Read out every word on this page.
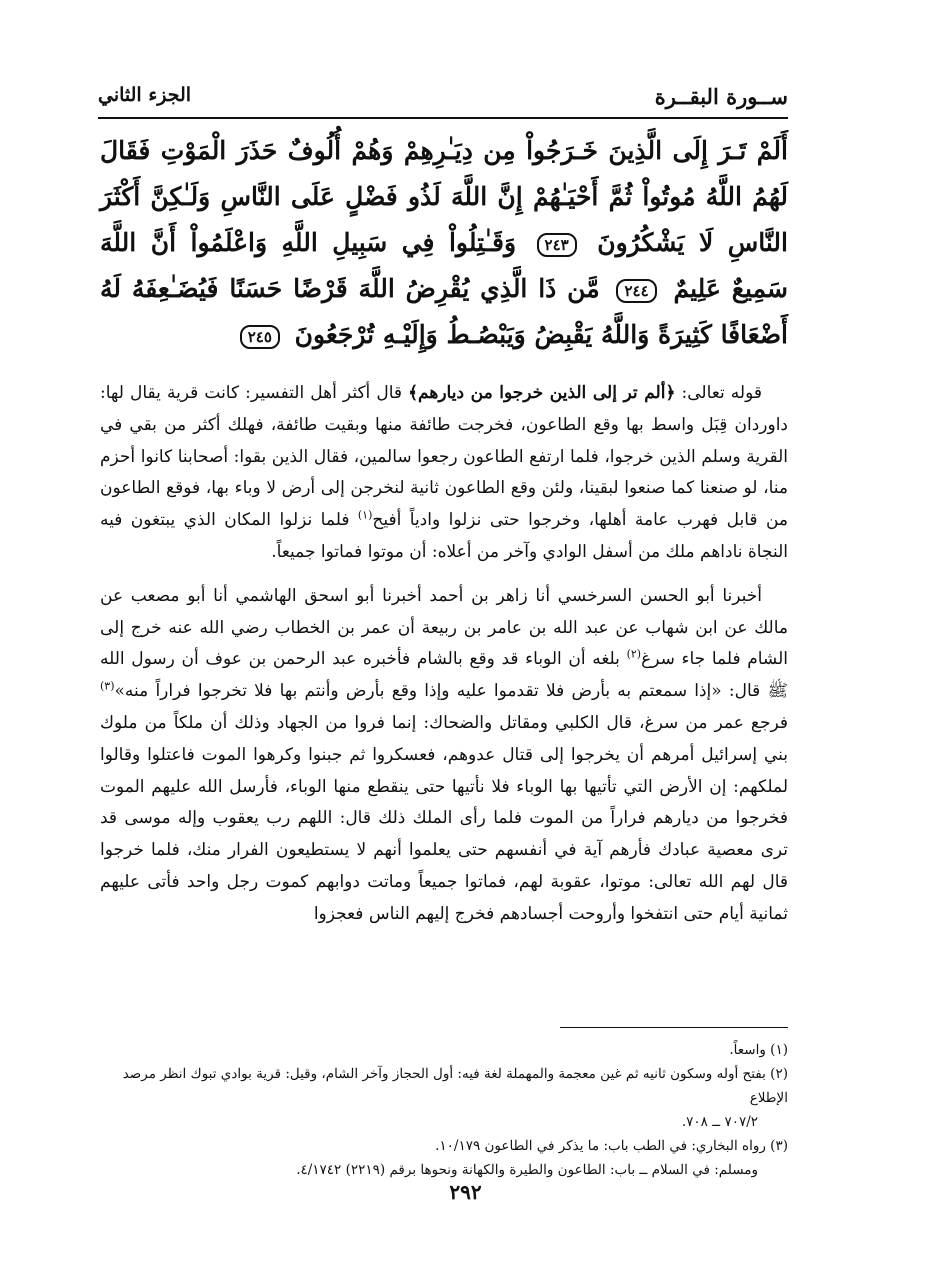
ســورة البقــرة
الجزء الثاني
أَلَمْ تَـرَ إِلَى الَّذِينَ خَـرَجُواْ مِن دِيَـٰرِهِمْ وَهُمْ أُلُوفٌ حَذَرَ الْمَوْتِ فَقَالَ لَهُمُ اللَّهُ مُوتُواْ ثُمَّ أَحْيَـٰهُمْ إِنَّ اللَّهَ لَذُو فَضْلٍ عَلَى النَّاسِ وَلَـٰكِنَّ أَكْثَرَ النَّاسِ لَا يَشْكُرُونَ ٢٤٣ وَقَـٰتِلُواْ فِي سَبِيلِ اللَّهِ وَاعْلَمُواْ أَنَّ اللَّهَ سَمِيعٌ عَلِيمٌ ٢٤٤ مَّن ذَا الَّذِي يُقْرِضُ اللَّهَ قَرْضًا حَسَنًا فَيُضَـٰعِفَهُ لَهُ أَضْعَافًا كَثِيرَةً وَاللَّهُ يَقْبِضُ وَيَبْصُـطُ وَإِلَيْـهِ تُرْجَعُونَ ٢٤٥

قوله تعالى: ﴿ألم تر إلى الذين خرجوا من ديارهم﴾ قال أكثر أهل التفسير: كانت قرية يقال لها: داوردان قِبَل واسط بها وقع الطاعون، فخرجت طائفة منها وبقيت طائفة، فهلك أكثر من بقي في القرية وسلم الذين خرجوا، فلما ارتفع الطاعون رجعوا سالمين، فقال الذين بقوا: أصحابنا كانوا أحزم منا، لو صنعنا كما صنعوا لبقينا، ولئن وقع الطاعون ثانية لنخرجن إلى أرض لا وباء بها، فوقع الطاعون من قابل فهرب عامة أهلها، وخرجوا حتى نزلوا وادياً أفيح$^{(١)}$ فلما نزلوا المكان الذي يبتغون فيه النجاة ناداهم ملك من أسفل الوادي وآخر من أعلاه: أن موتوا فماتوا جميعاً.

أخبرنا أبو الحسن السرخسي أنا زاهر بن أحمد أخبرنا أبو اسحق الهاشمي أنا أبو مصعب عن مالك عن ابن شهاب عن عبد الله بن عامر بن ربيعة أن عمر بن الخطاب رضي الله عنه خرج إلى الشام فلما جاء سرغ$^{(٢)}$ بلغه أن الوباء قد وقع بالشام فأخبره عبد الرحمن بن عوف أن رسول الله ﷺ قال: «إذا سمعتم به بأرض فلا تقدموا عليه وإذا وقع بأرض وأنتم بها فلا تخرجوا فراراً منه»$^{(٣)}$ فرجع عمر من سرغ، قال الكلبي ومقاتل والضحاك: إنما فروا من الجهاد وذلك أن ملكاً من ملوك بني إسرائيل أمرهم أن يخرجوا إلى قتال عدوهم، فعسكروا ثم جبنوا وكرهوا الموت فاعتلوا وقالوا لملكهم: إن الأرض التي تأتيها بها الوباء فلا نأتيها حتى ينقطع منها الوباء، فأرسل الله عليهم الموت فخرجوا من ديارهم فراراً من الموت فلما رأى الملك ذلك قال: اللهم رب يعقوب وإله موسى قد ترى معصية عبادك فأرهم آية في أنفسهم حتى يعلموا أنهم لا يستطيعون الفرار منك، فلما خرجوا قال لهم الله تعالى: موتوا، عقوبة لهم، فماتوا جميعاً وماتت دوابهم كموت رجل واحد فأتى عليهم ثمانية أيام حتى انتفخوا وأروحت أجسادهم فخرج إليهم الناس فعجزوا

(١) واسعاً.
(٢) بفتح أوله وسكون ثانيه ثم غين معجمة والمهملة لغة فيه: أول الحجاز وآخر الشام، وقيل: قرية بوادي تبوك انظر مرصد الإطلاع
٧٠٧/٢ ــ ٧٠٨.
(٣) رواه البخاري: في الطب باب: ما يذكر في الطاعون ١٠/١٧٩.
ومسلم: في السلام ــ باب: الطاعون والطيرة والكهانة ونحوها برقم (٢٢١٩) ٤/١٧٤٢.
٢٩٢
